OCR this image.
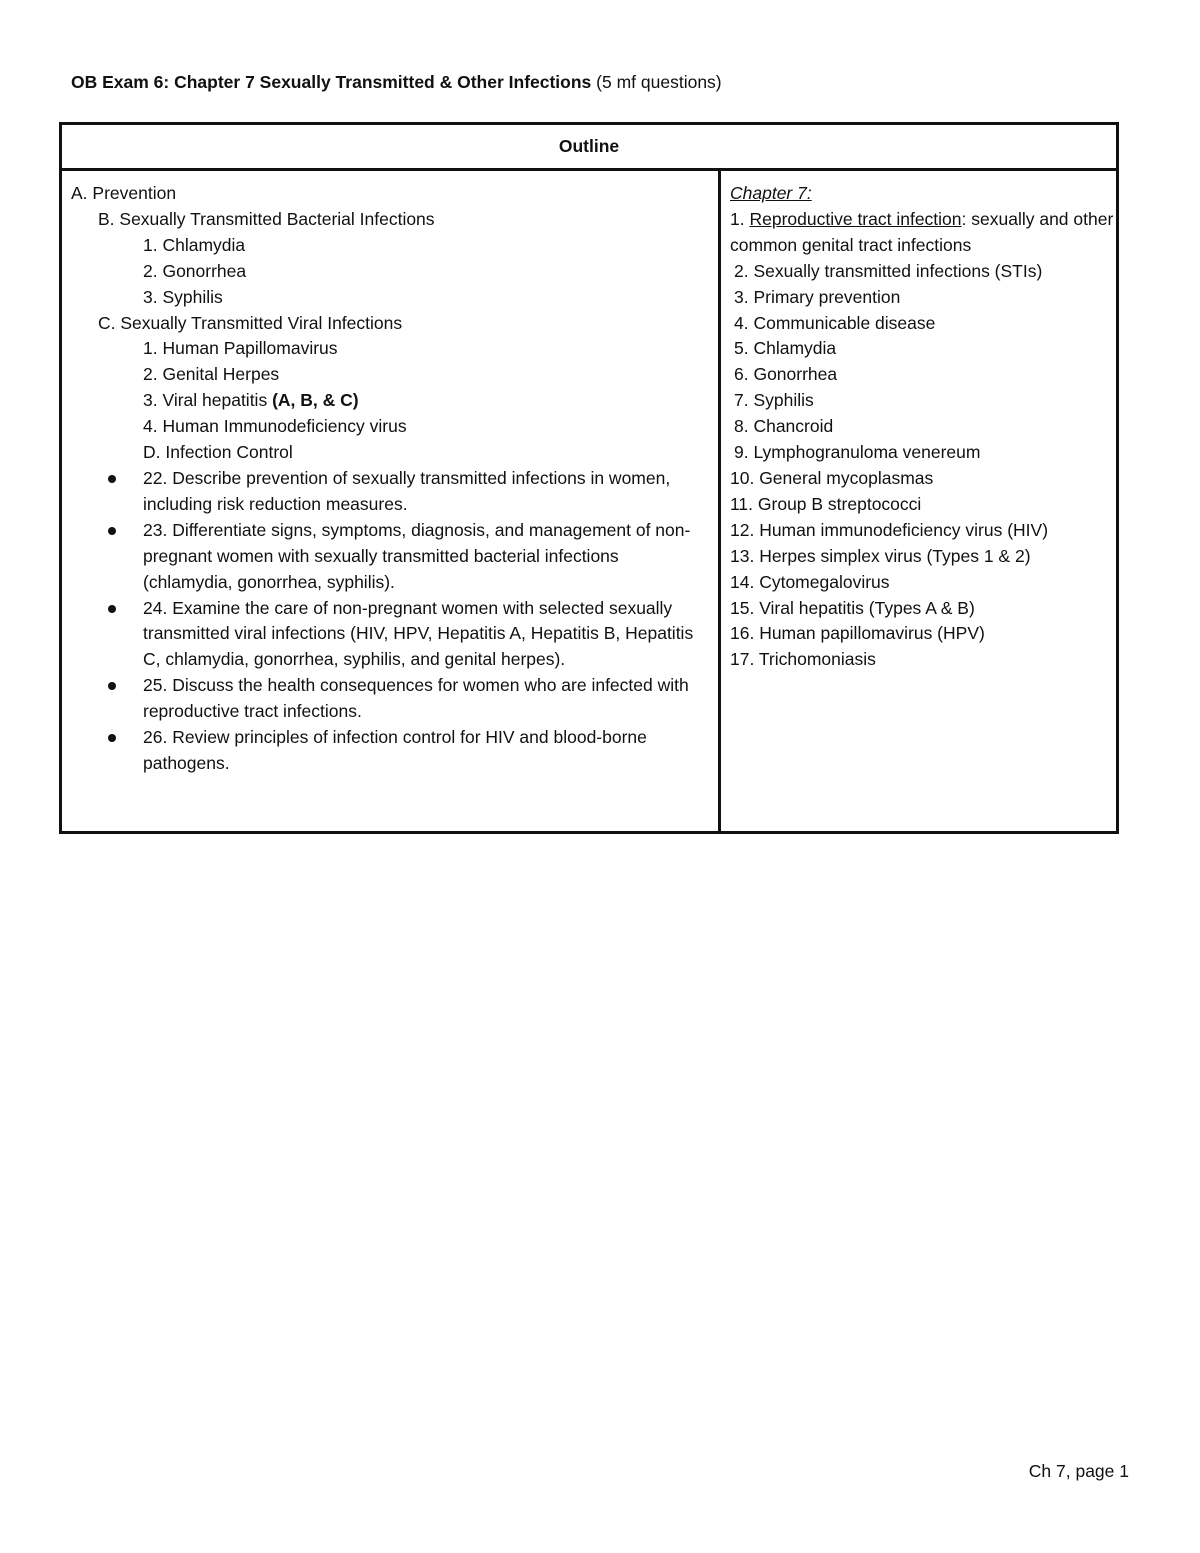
OB Exam 6: Chapter 7 Sexually Transmitted & Other Infections (5 mf questions)
Outline
A. Prevention
B. Sexually Transmitted Bacterial Infections
1. Chlamydia
2. Gonorrhea
3. Syphilis
C. Sexually Transmitted Viral Infections
1. Human Papillomavirus
2. Genital Herpes
3. Viral hepatitis (A, B, & C)
4. Human Immunodeficiency virus
D. Infection Control
22. Describe prevention of sexually transmitted infections in women, including risk reduction measures.
23. Differentiate signs, symptoms, diagnosis, and management of non-pregnant women with sexually transmitted bacterial infections (chlamydia, gonorrhea, syphilis).
24. Examine the care of non-pregnant women with selected sexually transmitted viral infections (HIV, HPV, Hepatitis A, Hepatitis B, Hepatitis C, chlamydia, gonorrhea, syphilis, and genital herpes).
25. Discuss the health consequences for women who are infected with reproductive tract infections.
26. Review principles of infection control for HIV and blood-borne pathogens.
Chapter 7:
1. Reproductive tract infection: sexually and other common genital tract infections
2. Sexually transmitted infections (STIs)
3. Primary prevention
4. Communicable disease
5. Chlamydia
6. Gonorrhea
7. Syphilis
8. Chancroid
9. Lymphogranuloma venereum
10. General mycoplasmas
11. Group B streptococci
12. Human immunodeficiency virus (HIV)
13. Herpes simplex virus (Types 1 & 2)
14. Cytomegalovirus
15. Viral hepatitis (Types A & B)
16. Human papillomavirus (HPV)
17. Trichomoniasis
Ch 7, page 1
